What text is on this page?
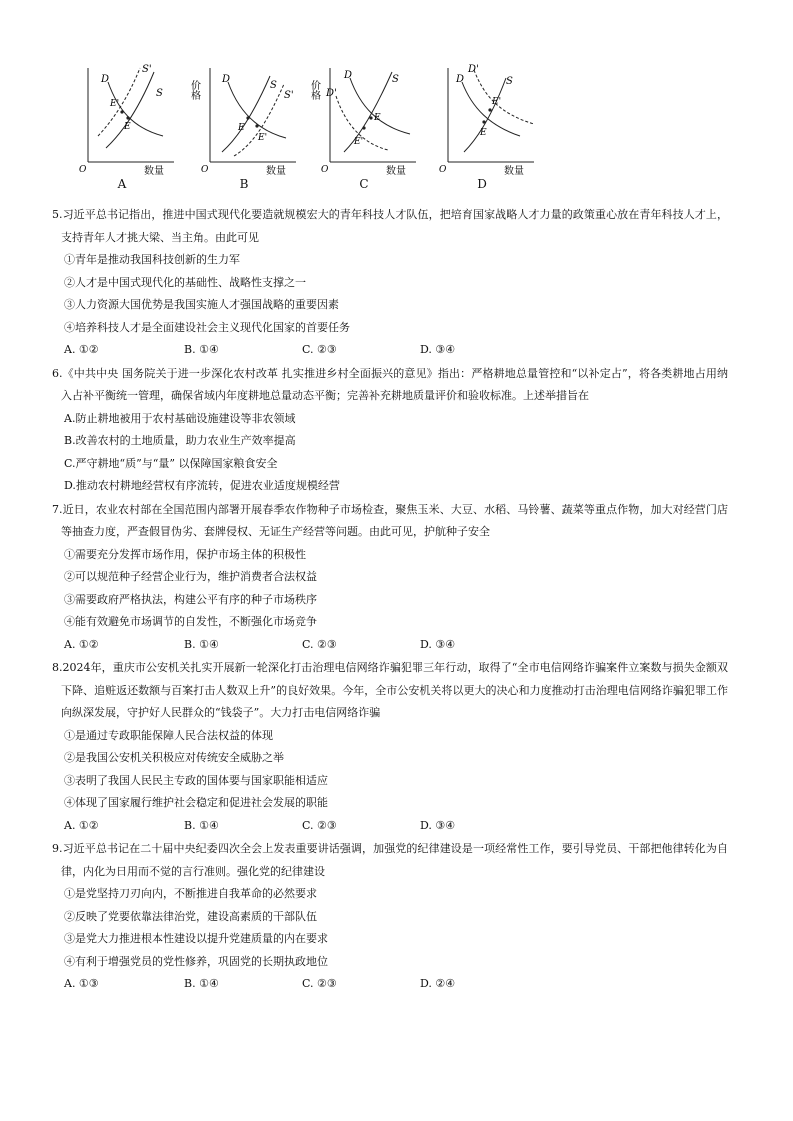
D
S
S'
E'
E
O	数量
A
D
S
S'
E
E'
O	数量
价格
B
D
D'
S
E
E'
O	数量
价格
C
D
D'
S
E'
E
O	数量
D

5.习近平总书记指出，推进中国式现代化要造就规模宏大的青年科技人才队伍，把培育国家战略人才力量的政策重心放在青年科技人才上，支持青年人才挑大梁、当主角。由此可见

①青年是推动我国科技创新的生力军

②人才是中国式现代化的基础性、战略性支撑之一

③人力资源大国优势是我国实施人才强国战略的重要因素

④培养科技人才是全面建设社会主义现代化国家的首要任务

A. ①②	B. ①④	C. ②③	D. ③④

6.《中共中央 国务院关于进一步深化农村改革 扎实推进乡村全面振兴的意见》指出：严格耕地总量管控和“以补定占”，将各类耕地占用纳入占补平衡统一管理，确保省域内年度耕地总量动态平衡；完善补充耕地质量评价和验收标准。上述举措旨在

A.防止耕地被用于农村基础设施建设等非农领域

B.改善农村的土地质量，助力农业生产效率提高

C.严守耕地“质”与“量” 以保障国家粮食安全

D.推动农村耕地经营权有序流转，促进农业适度规模经营

7.近日，农业农村部在全国范围内部署开展春季农作物种子市场检查，聚焦玉米、大豆、水稻、马铃薯、蔬菜等重点作物，加大对经营门店等抽查力度，严查假冒伪劣、套牌侵权、无证生产经营等问题。由此可见，护航种子安全

①需要充分发挥市场作用，保护市场主体的积极性

②可以规范种子经营企业行为，维护消费者合法权益

③需要政府严格执法，构建公平有序的种子市场秩序

④能有效避免市场调节的自发性，不断强化市场竞争

A. ①②	B. ①④	C. ②③	D. ③④

8.2024年，重庆市公安机关扎实开展新一轮深化打击治理电信网络诈骗犯罪三年行动，取得了“全市电信网络诈骗案件立案数与损失金额双下降、追赃返还数额与百案打击人数双上升”的良好效果。今年，全市公安机关将以更大的决心和力度推动打击治理电信网络诈骗犯罪工作向纵深发展，守护好人民群众的“钱袋子”。大力打击电信网络诈骗

①是通过专政职能保障人民合法权益的体现

②是我国公安机关积极应对传统安全威胁之举

③表明了我国人民民主专政的国体要与国家职能相适应

④体现了国家履行维护社会稳定和促进社会发展的职能

A. ①②	B. ①④	C. ②③	D. ③④

9.习近平总书记在二十届中央纪委四次全会上发表重要讲话强调，加强党的纪律建设是一项经常性工作，要引导党员、干部把他律转化为自律，内化为日用而不觉的言行准则。强化党的纪律建设

①是党坚持刀刃向内，不断推进自我革命的必然要求

②反映了党要依靠法律治党，建设高素质的干部队伍

③是党大力推进根本性建设以提升党建质量的内在要求

④有利于增强党员的党性修养，巩固党的长期执政地位

A. ①③	B. ①④	C. ②③	D. ②④
